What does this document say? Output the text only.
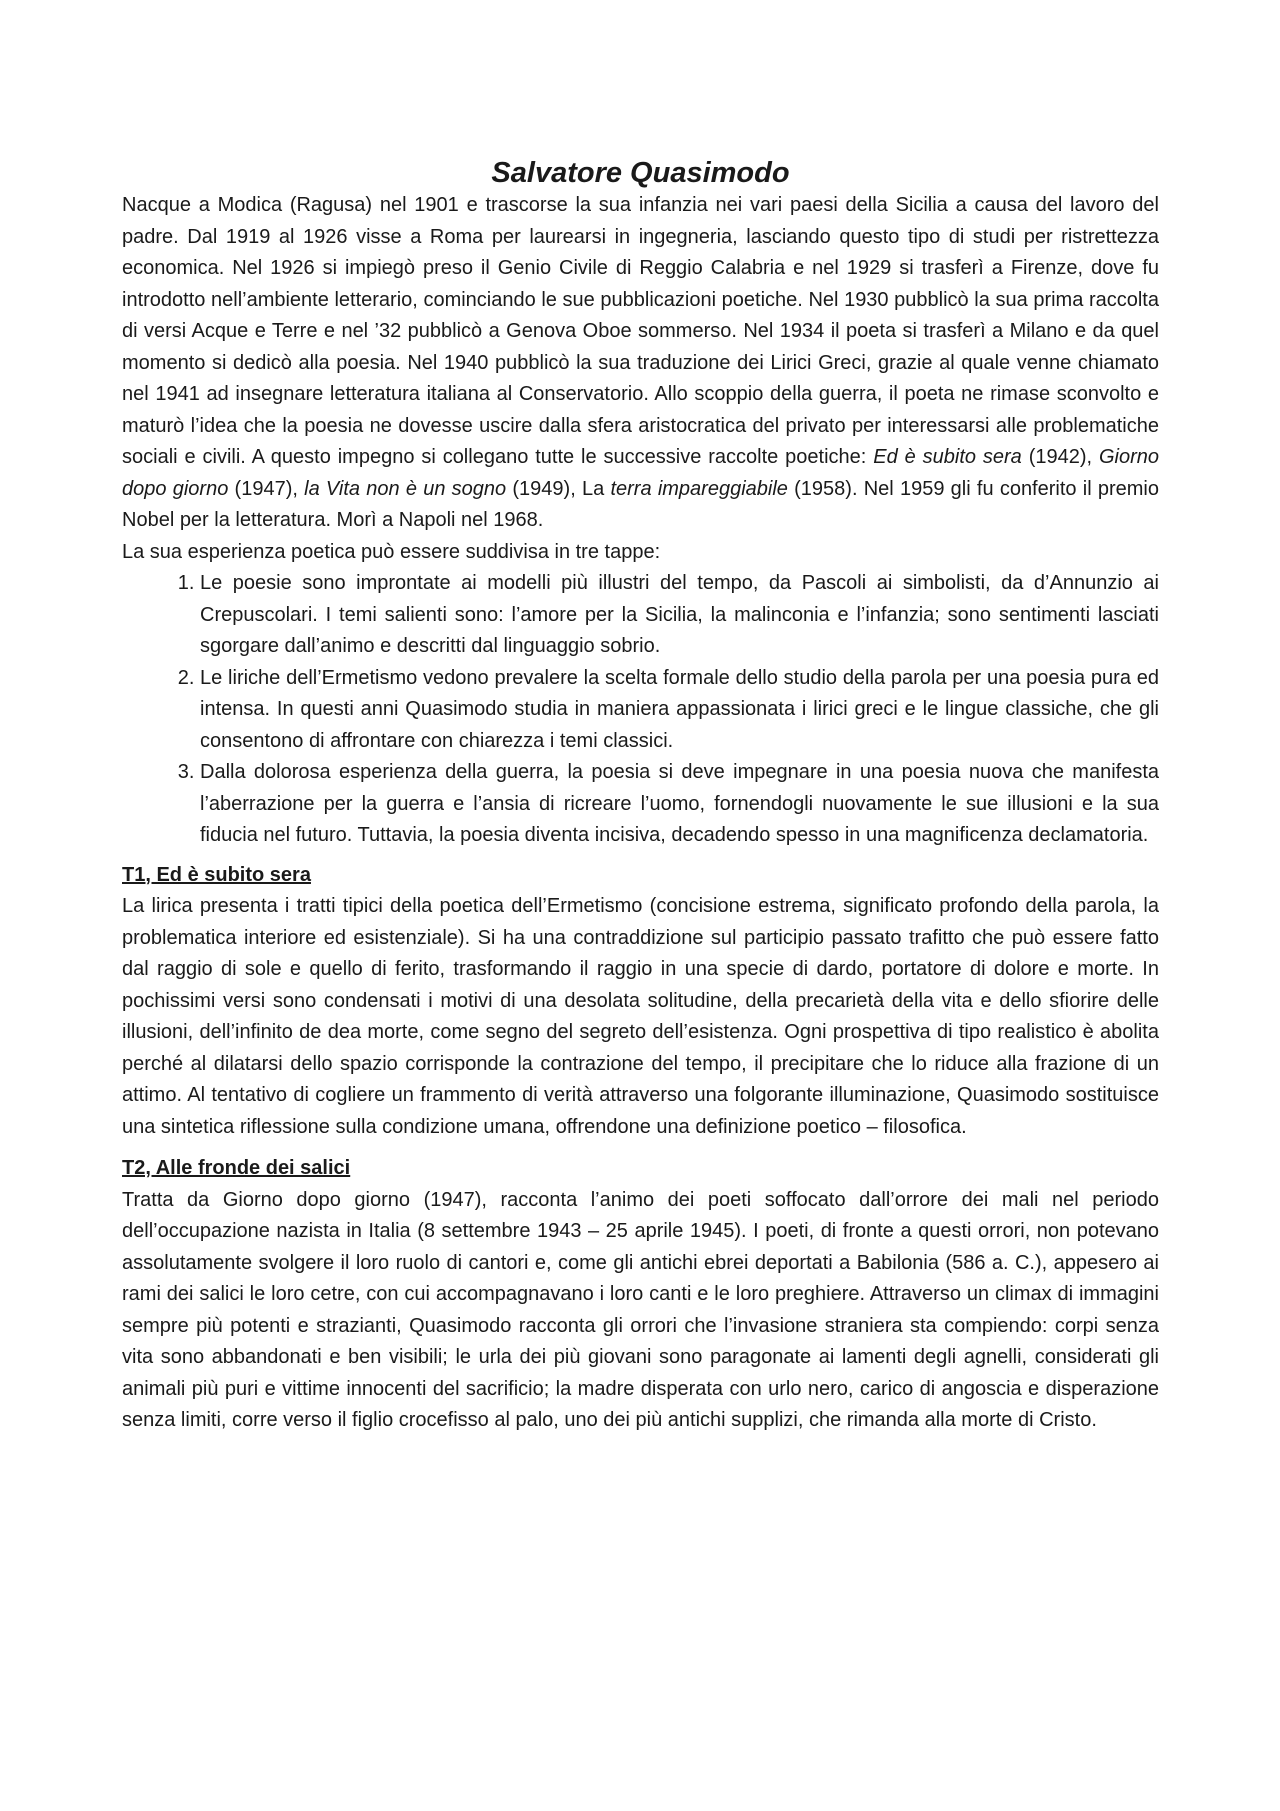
Salvatore Quasimodo

Nacque a Modica (Ragusa) nel 1901 e trascorse la sua infanzia nei vari paesi della Sicilia a causa del lavoro del padre. Dal 1919 al 1926 visse a Roma per laurearsi in ingegneria, lasciando questo tipo di studi per ristrettezza economica. Nel 1926 si impiegò preso il Genio Civile di Reggio Calabria e nel 1929 si trasferì a Firenze, dove fu introdotto nell’ambiente letterario, cominciando le sue pubblicazioni poetiche. Nel 1930 pubblicò la sua prima raccolta di versi Acque e Terre e nel ’32 pubblicò a Genova Oboe sommerso. Nel 1934 il poeta si trasferì a Milano e da quel momento si dedicò alla poesia. Nel 1940 pubblicò la sua traduzione dei Lirici Greci, grazie al quale venne chiamato nel 1941 ad insegnare letteratura italiana al Conservatorio. Allo scoppio della guerra, il poeta ne rimase sconvolto e maturò l’idea che la poesia ne dovesse uscire dalla sfera aristocratica del privato per interessarsi alle problematiche sociali e civili. A questo impegno si collegano tutte le successive raccolte poetiche: Ed è subito sera (1942), Giorno dopo giorno (1947), la Vita non è un sogno (1949), La terra impareggiabile (1958). Nel 1959 gli fu conferito il premio Nobel per la letteratura. Morì a Napoli nel 1968.

La sua esperienza poetica può essere suddivisa in tre tappe:

1. Le poesie sono improntate ai modelli più illustri del tempo, da Pascoli ai simbolisti, da d’Annunzio ai Crepuscolari. I temi salienti sono: l’amore per la Sicilia, la malinconia e l’infanzia; sono sentimenti lasciati sgorgare dall’animo e descritti dal linguaggio sobrio.
2. Le liriche dell’Ermetismo vedono prevalere la scelta formale dello studio della parola per una poesia pura ed intensa. In questi anni Quasimodo studia in maniera appassionata i lirici greci e le lingue classiche, che gli consentono di affrontare con chiarezza i temi classici.
3. Dalla dolorosa esperienza della guerra, la poesia si deve impegnare in una poesia nuova che manifesta l’aberrazione per la guerra e l’ansia di ricreare l’uomo, fornendogli nuovamente le sue illusioni e la sua fiducia nel futuro. Tuttavia, la poesia diventa incisiva, decadendo spesso in una magnificenza declamatoria.
T1, Ed è subito sera

La lirica presenta i tratti tipici della poetica dell’Ermetismo (concisione estrema, significato profondo della parola, la problematica interiore ed esistenziale). Si ha una contraddizione sul participio passato trafitto che può essere fatto dal raggio di sole e quello di ferito, trasformando il raggio in una specie di dardo, portatore di dolore e morte. In pochissimi versi sono condensati i motivi di una desolata solitudine, della precarietà della vita e dello sfiorire delle illusioni, dell’infinito de dea morte, come segno del segreto dell’esistenza. Ogni prospettiva di tipo realistico è abolita perché al dilatarsi dello spazio corrisponde la contrazione del tempo, il precipitare che lo riduce alla frazione di un attimo. Al tentativo di cogliere un frammento di verità attraverso una folgorante illuminazione, Quasimodo sostituisce una sintetica riflessione sulla condizione umana, offrendone una definizione poetico – filosofica.

T2, Alle fronde dei salici

Tratta da Giorno dopo giorno (1947), racconta l’animo dei poeti soffocato dall’orrore dei mali nel periodo dell’occupazione nazista in Italia (8 settembre 1943 – 25 aprile 1945). I poeti, di fronte a questi orrori, non potevano assolutamente svolgere il loro ruolo di cantori e, come gli antichi ebrei deportati a Babilonia (586 a. C.), appesero ai rami dei salici le loro cetre, con cui accompagnavano i loro canti e le loro preghiere. Attraverso un climax di immagini sempre più potenti e strazianti, Quasimodo racconta gli orrori che l’invasione straniera sta compiendo: corpi senza vita sono abbandonati e ben visibili; le urla dei più giovani sono paragonate ai lamenti degli agnelli, considerati gli animali più puri e vittime innocenti del sacrificio; la madre disperata con urlo nero, carico di angoscia e disperazione senza limiti, corre verso il figlio crocefisso al palo, uno dei più antichi supplizi, che rimanda alla morte di Cristo.
